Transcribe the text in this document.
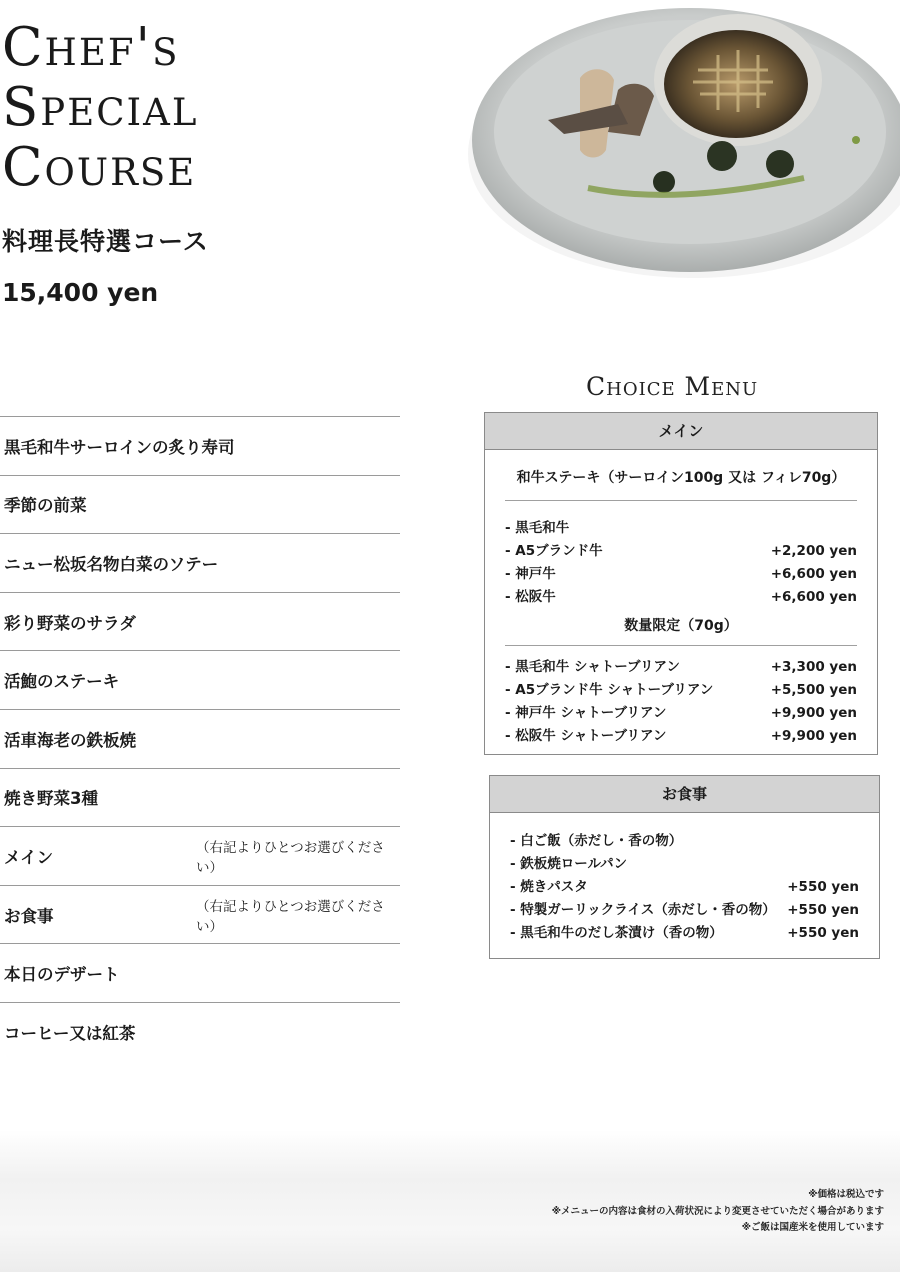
Chef's
Special
Course
料理長特選コース
15,400 yen
黒毛和牛サーロインの炙り寿司
季節の前菜
ニュー松坂名物白菜のソテー
彩り野菜のサラダ
活鮑のステーキ
活車海老の鉄板焼
焼き野菜3種
メイン	（右記よりひとつお選びください）
お食事	（右記よりひとつお選びください）
本日のデザート
コーヒー又は紅茶
Choice Menu
メイン
和牛ステーキ（サーロイン100g 又は フィレ70g）
- 黒毛和牛
- A5ブランド牛	+2,200 yen
- 神戸牛	+6,600 yen
- 松阪牛	+6,600 yen
数量限定（70g）
- 黒毛和牛 シャトーブリアン	+3,300 yen
- A5ブランド牛 シャトーブリアン	+5,500 yen
- 神戸牛 シャトーブリアン	+9,900 yen
- 松阪牛 シャトーブリアン	+9,900 yen
お食事
- 白ご飯（赤だし・香の物）
- 鉄板焼ロールパン
- 焼きパスタ	+550 yen
- 特製ガーリックライス（赤だし・香の物） +550 yen
- 黒毛和牛のだし茶漬け（香の物）	+550 yen
※価格は税込です
※メニューの内容は食材の入荷状況により変更させていただく場合があります
※ご飯は国産米を使用しています
